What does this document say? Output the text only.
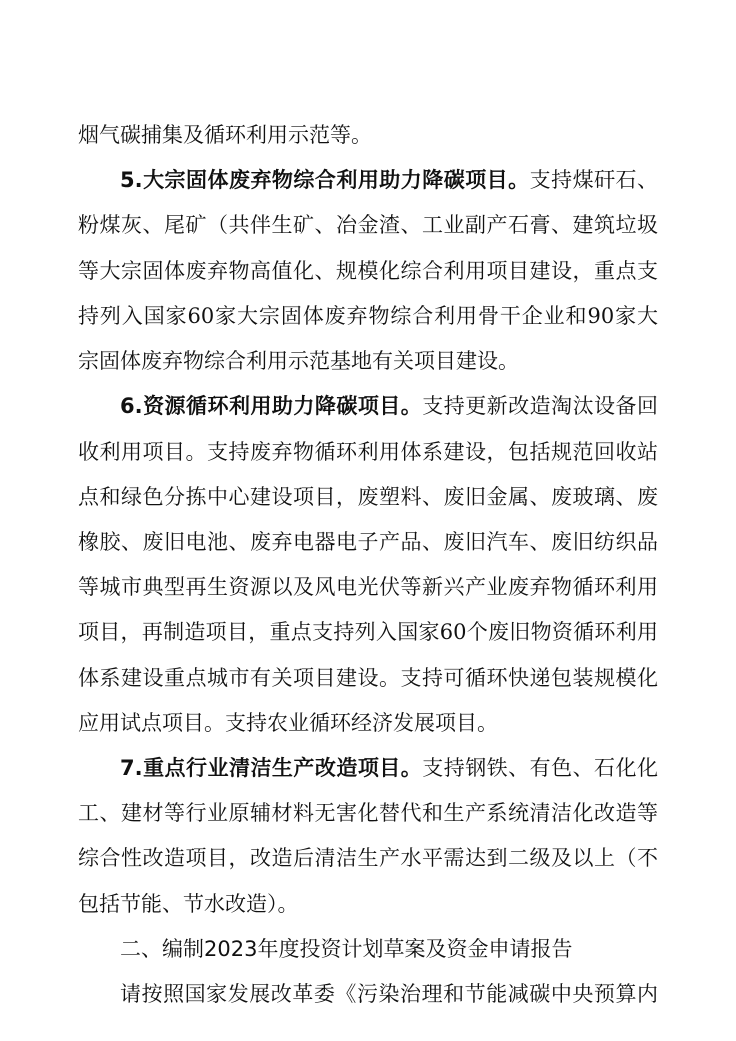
烟气碳捕集及循环利用示范等。
5.大宗固体废弃物综合利用助力降碳项目。支持煤矸石、
粉煤灰、尾矿（共伴生矿、冶金渣、工业副产石膏、建筑垃圾
等大宗固体废弃物高值化、规模化综合利用项目建设，重点支
持列入国家60家大宗固体废弃物综合利用骨干企业和90家大
宗固体废弃物综合利用示范基地有关项目建设。
6.资源循环利用助力降碳项目。支持更新改造淘汰设备回
收利用项目。支持废弃物循环利用体系建设，包括规范回收站
点和绿色分拣中心建设项目，废塑料、废旧金属、废玻璃、废
橡胶、废旧电池、废弃电器电子产品、废旧汽车、废旧纺织品
等城市典型再生资源以及风电光伏等新兴产业废弃物循环利用
项目，再制造项目，重点支持列入国家60个废旧物资循环利用
体系建设重点城市有关项目建设。支持可循环快递包装规模化
应用试点项目。支持农业循环经济发展项目。
7.重点行业清洁生产改造项目。支持钢铁、有色、石化化
工、建材等行业原辅材料无害化替代和生产系统清洁化改造等
综合性改造项目，改造后清洁生产水平需达到二级及以上（不
包括节能、节水改造）。
二、编制2023年度投资计划草案及资金申请报告
请按照国家发展改革委《污染治理和节能减碳中央预算内
